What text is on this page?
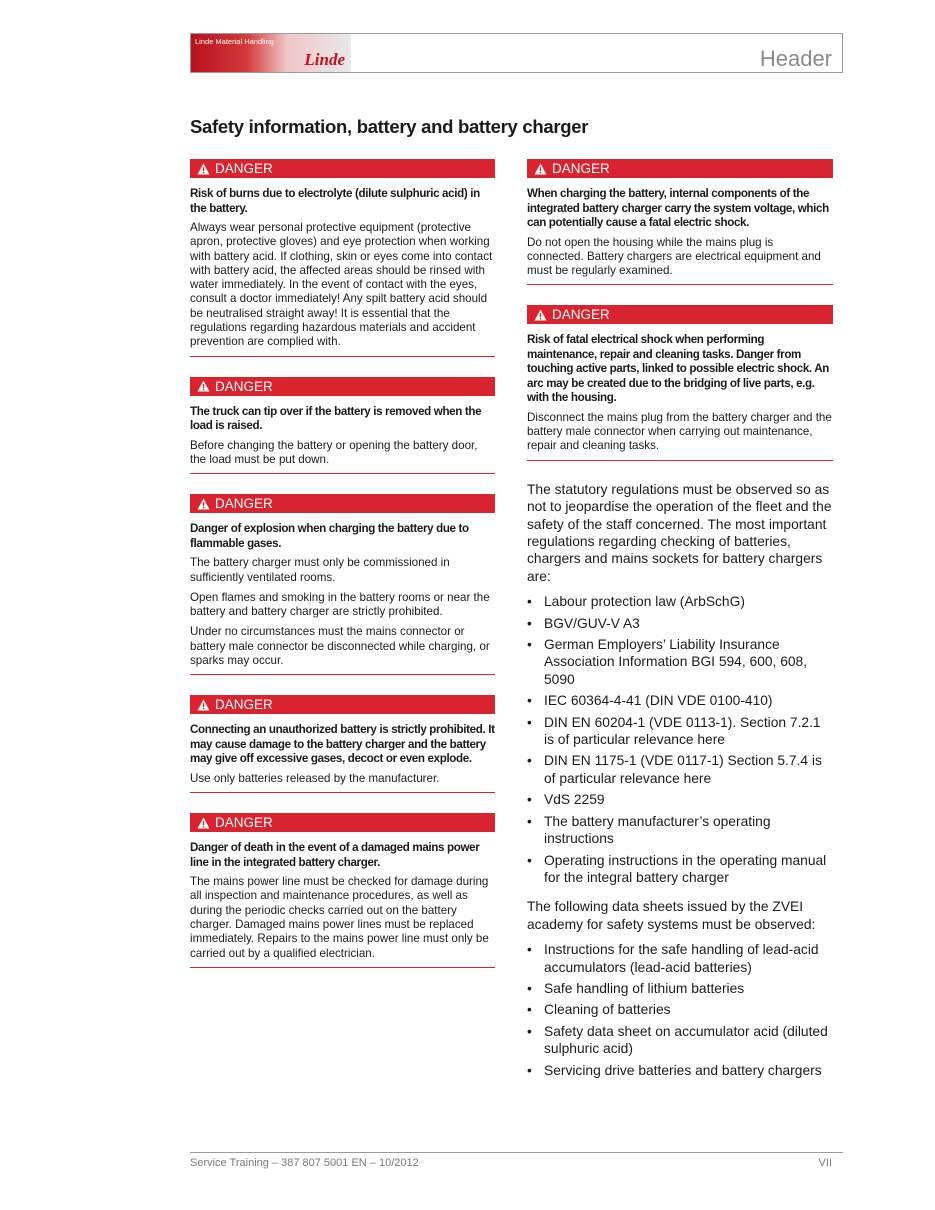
Linde Material Handling
Linde	Header
Safety information, battery and battery charger
DANGER
Risk of burns due to electrolyte (dilute sulphuric acid) in the battery.

Always wear personal protective equipment (protective apron, protective gloves) and eye protection when working with battery acid. If clothing, skin or eyes come into contact with battery acid, the affected areas should be rinsed with water immediately. In the event of contact with the eyes, consult a doctor immediately! Any spilt battery acid should be neutralised straight away! It is essential that the regulations regarding hazardous materials and accident prevention are complied with.

DANGER
The truck can tip over if the battery is removed when the load is raised.

Before changing the battery or opening the battery door, the load must be put down.

DANGER
Danger of explosion when charging the battery due to flammable gases.

The battery charger must only be commissioned in sufficiently ventilated rooms.

Open flames and smoking in the battery rooms or near the battery and battery charger are strictly prohibited.

Under no circumstances must the mains connector or battery male connector be disconnected while charging, or sparks may occur.

DANGER
Connecting an unauthorized battery is strictly prohibited. It may cause damage to the battery charger and the battery may give off excessive gases, decoct or even explode.

Use only batteries released by the manufacturer.

DANGER
Danger of death in the event of a damaged mains power line in the integrated battery charger.

The mains power line must be checked for damage during all inspection and maintenance procedures, as well as during the periodic checks carried out on the battery charger. Damaged mains power lines must be replaced immediately. Repairs to the mains power line must only be carried out by a qualified electrician.

DANGER
When charging the battery, internal components of the integrated battery charger carry the system voltage, which can potentially cause a fatal electric shock.

Do not open the housing while the mains plug is connected. Battery chargers are electrical equipment and must be regularly examined.

DANGER
Risk of fatal electrical shock when performing maintenance, repair and cleaning tasks. Danger from touching active parts, linked to possible electric shock. An arc may be created due to the bridging of live parts, e.g. with the housing.

Disconnect the mains plug from the battery charger and the battery male connector when carrying out maintenance, repair and cleaning tasks.

The statutory regulations must be observed so as not to jeopardise the operation of the fleet and the safety of the staff concerned. The most important regulations regarding checking of batteries, chargers and mains sockets for battery chargers are:

• Labour protection law (ArbSchG)
• BGV/GUV-V A3
• German Employers’ Liability Insurance Association Information BGI 594, 600, 608, 5090
• IEC 60364-4-41 (DIN VDE 0100-410)
• DIN EN 60204-1 (VDE 0113-1). Section 7.2.1 is of particular relevance here
• DIN EN 1175-1 (VDE 0117-1) Section 5.7.4 is of particular relevance here
• VdS 2259
• The battery manufacturer’s operating instructions
• Operating instructions in the operating manual for the integral battery charger

The following data sheets issued by the ZVEI academy for safety systems must be observed:

• Instructions for the safe handling of lead-acid accumulators (lead-acid batteries)
• Safe handling of lithium batteries
• Cleaning of batteries
• Safety data sheet on accumulator acid (diluted sulphuric acid)
• Servicing drive batteries and battery chargers
Service Training – 387 807 5001 EN – 10/2012	VII
